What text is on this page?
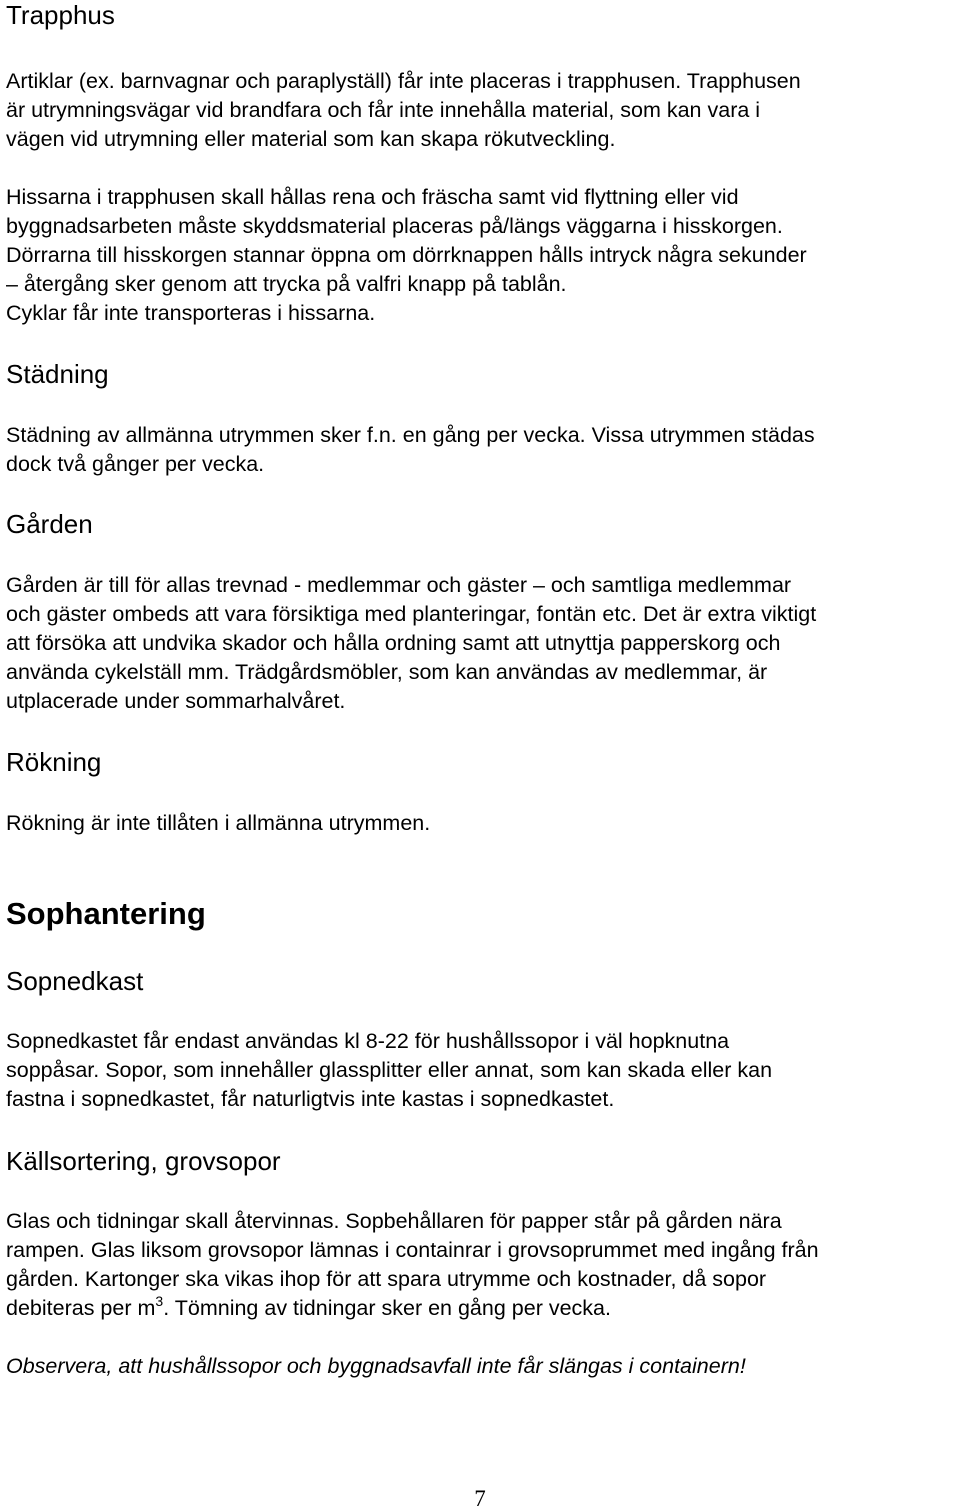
Trapphus

Artiklar (ex. barnvagnar och paraplyställ) får inte placeras i trapphusen. Trapphusen
är utrymningsvägar vid brandfara och får inte innehålla material, som kan vara i
vägen vid utrymning eller material som kan skapa rökutveckling.

Hissarna i trapphusen skall hållas rena och fräscha samt vid flyttning eller vid
byggnadsarbeten måste skyddsmaterial placeras på/längs väggarna i hisskorgen.
Dörrarna till hisskorgen stannar öppna om dörrknappen hålls intryck några sekunder
– återgång sker genom att trycka på valfri knapp på tablån.
Cyklar får inte transporteras i hissarna.

Städning

Städning av allmänna utrymmen sker f.n. en gång per vecka. Vissa utrymmen städas
dock två gånger per vecka.

Gården

Gården är till för allas trevnad - medlemmar och gäster – och samtliga medlemmar
och gäster ombeds att vara försiktiga med planteringar, fontän etc. Det är extra viktigt
att försöka att undvika skador och hålla ordning samt att utnyttja papperskorg och
använda cykelställ mm. Trädgårdsmöbler, som kan användas av medlemmar, är
utplacerade under sommarhalvåret.

Rökning

Rökning är inte tillåten i allmänna utrymmen.

Sophantering
Sopnedkast

Sopnedkastet får endast användas kl 8-22 för hushållssopor i väl hopknutna
soppåsar. Sopor, som innehåller glassplitter eller annat, som kan skada eller kan
fastna i sopnedkastet, får naturligtvis inte kastas i sopnedkastet.

Källsortering, grovsopor

Glas och tidningar skall återvinnas. Sopbehållaren för papper står på gården nära
rampen. Glas liksom grovsopor lämnas i containrar i grovsoprummet med ingång från
gården. Kartonger ska vikas ihop för att spara utrymme och kostnader, då sopor
debiteras per $m^3$. Tömning av tidningar sker en gång per vecka.

Observera, att hushållssopor och byggnadsavfall inte får slängas i containern!

7
